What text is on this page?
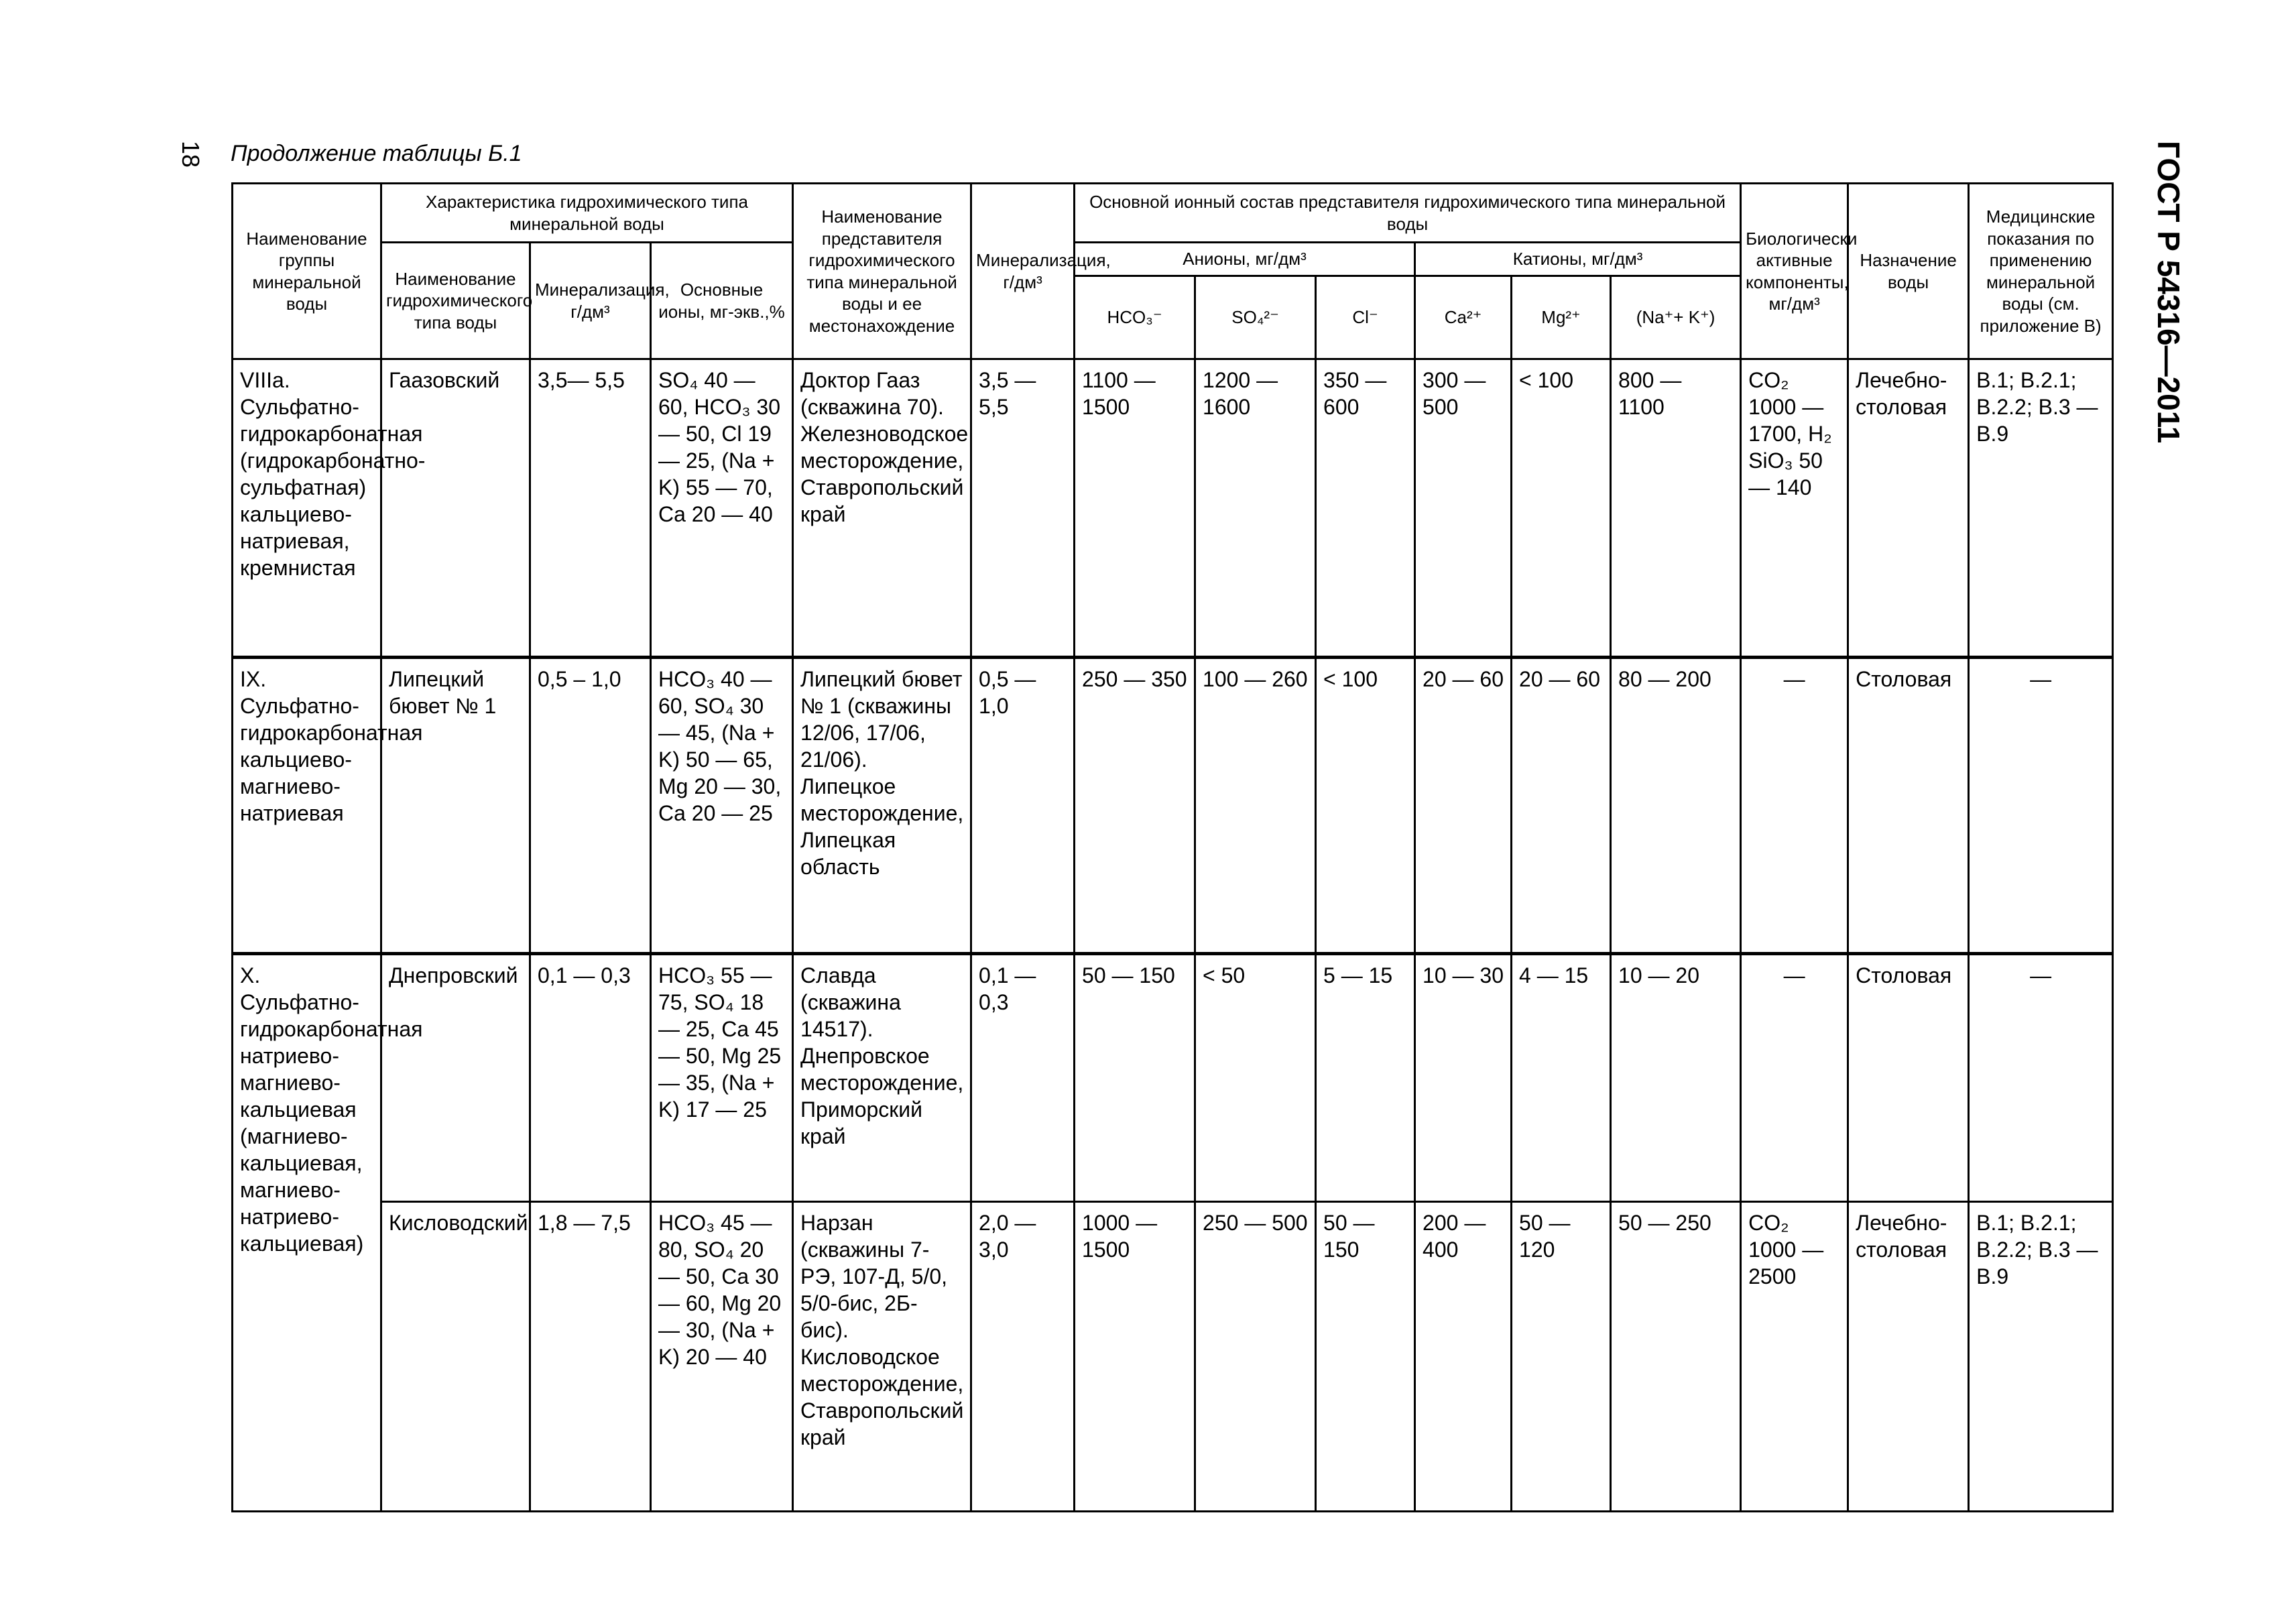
18 Продолжение таблицы Б.1	ГОСТ Р 54316—2011
Наименование группы минеральной воды	Характеристика гидрохимического типа минеральной воды			Наименование представителя гидрохимического типа минеральной воды и ее местонахождение	Минерализация, г/дм³	Основной ионный состав представителя гидрохимического типа минеральной воды						Биологически активные компоненты, мг/дм³	Назначение воды	Медицинские показания по применению минеральной воды (см. приложение В)
	Наименование гидрохимического типа воды	Минерализация, г/дм³	Основные ионы, мг-экв.,%			Анионы, мг/дм³			Катионы, мг/дм³					
						HCO₃⁻	SO₄²⁻	Cl⁻	Ca²⁺	Mg²⁺	(Na⁺+ K⁺)			
VIIIa. Сульфатно-гидрокарбонатная (гидрокарбонатно-сульфатная) кальциево-натриевая, кремнистая	Гаазовский	3,5— 5,5	SO₄ 40 — 60, HCO₃ 30 — 50, Cl 19 — 25, (Na + K) 55 — 70, Ca 20 — 40	Доктор Гааз (скважина 70). Железноводское месторождение, Ставропольский край	3,5 — 5,5	1100 — 1500	1200 — 1600	350 — 600	300 — 500	< 100	800 — 1100	CO₂ 1000 — 1700, H₂ SiO₃ 50 — 140	Лечебно-столовая	В.1; В.2.1; В.2.2; В.3 — В.9
IX. Сульфатно-гидрокарбонатная кальциево-магниево-натриевая	Липецкий бювет № 1	0,5 – 1,0	HCO₃ 40 — 60, SO₄ 30 — 45, (Na + K) 50 — 65, Mg 20 — 30, Ca 20 — 25	Липецкий бювет № 1 (скважины 12/06, 17/06, 21/06). Липецкое месторождение, Липецкая область	0,5 — 1,0	250 — 350	100 — 260	< 100	20 — 60	20 — 60	80 — 200	—	Столовая	—
X. Сульфатно-гидрокарбонатная натриево-магниево-кальциевая (магниево-кальциевая, магниево-натриево-кальциевая)	Днепровский	0,1 — 0,3	HCO₃ 55 — 75, SO₄ 18 — 25, Ca 45 — 50, Mg 25 — 35, (Na + K) 17 — 25	Славда (скважина 14517). Днепровское месторождение, Приморский край	0,1 — 0,3	50 — 150	< 50	5 — 15	10 — 30	4 — 15	10 — 20	—	Столовая	—
	Кисловодский	1,8 — 7,5	HCO₃ 45 — 80, SO₄ 20 — 50, Ca 30 — 60, Mg 20 — 30, (Na + K) 20 — 40	Нарзан (скважины 7-РЭ, 107-Д, 5/0, 5/0-бис, 2Б-бис). Кисловодское месторождение, Ставропольский край	2,0 — 3,0	1000 — 1500	250 — 500	50 — 150	200 — 400	50 — 120	50 — 250	CO₂ 1000 — 2500	Лечебно-столовая	В.1; В.2.1; В.2.2; В.3 — В.9
